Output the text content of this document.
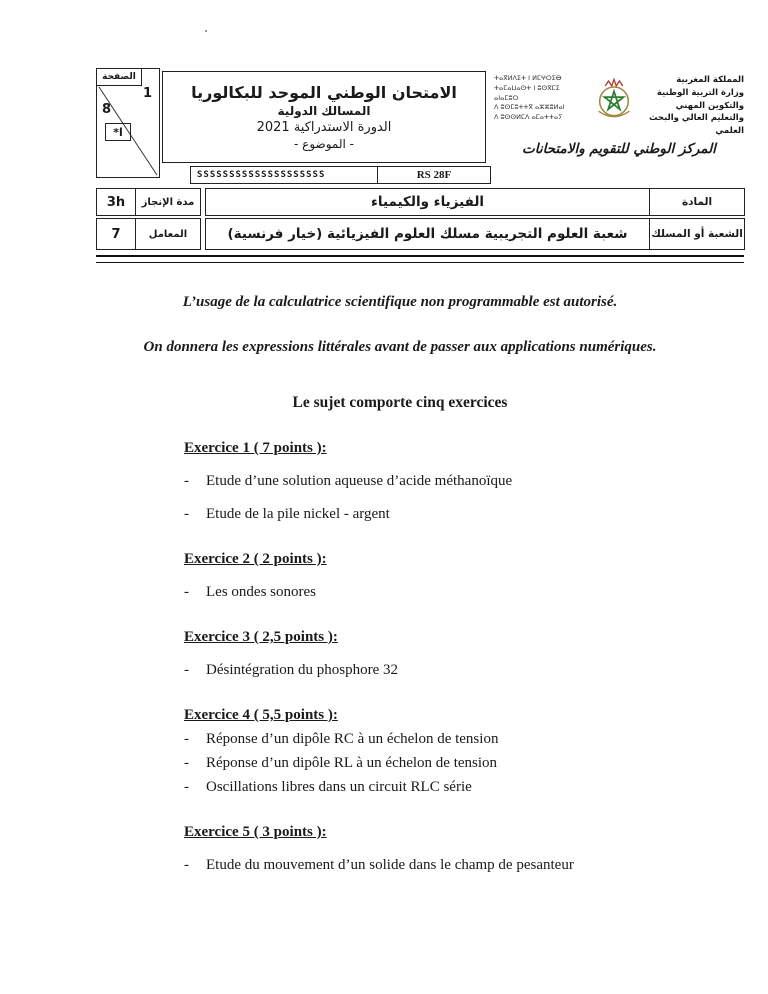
الصفحة
1
8
*ا
الامتحان الوطني الموحد للبكالوريا
المسالك الدولية
الدورة الاستدراكية 2021
- الموضوع -
SSSSSSSSSSSSSSSSSSSS	RS 28F
ⵜⴰⴳⵍⴷⵉⵜ ⵏ ⵍⵎⵖⵔⵉⴱ
ⵜⴰⵎⴰⵡⴰⵙⵜ ⵏ ⵓⵙⴳⵎⵉ ⴰⵏⴰⵎⵓⵔ
ⴷ ⵓⵙⵎⵓⵜⵜⴳ ⴰⵣⵣⵓⵍⴰⵏ
ⴷ ⵓⵙⵙⵍⵎⴷ ⴰⵎⴰⵜⵜⴰⵢ
المملكة المغربية
وزارة التربية الوطنية
والتكوين المهني
والتعليم العالي والبحث العلمي
المركز الوطني للتقويم والامتحانات
3h	مدة الإنجاز	الفيزياء والكيمياء	المادة
7	المعامل	شعبة العلوم التجريبية مسلك العلوم الفيزيائية (خيار فرنسية)	الشعبة أو المسلك
L’usage de la calculatrice scientifique non programmable est autorisé.
On donnera les expressions littérales avant de passer aux applications numériques.
Le sujet comporte cinq exercices
Exercice 1 ( 7 points ):
-
Etude d’une solution aqueuse d’acide méthanoïque
-
Etude de la pile nickel - argent
Exercice 2 ( 2 points ):
-
Les ondes sonores
Exercice 3 ( 2,5 points ):
-
Désintégration du phosphore 32
Exercice 4 ( 5,5 points ):
-
Réponse d’un dipôle RC à un échelon de tension
-
Réponse d’un dipôle RL à un échelon de tension
-
Oscillations libres dans un circuit RLC série
Exercice 5 ( 3 points ):
-
Etude du mouvement d’un solide dans le champ de pesanteur
